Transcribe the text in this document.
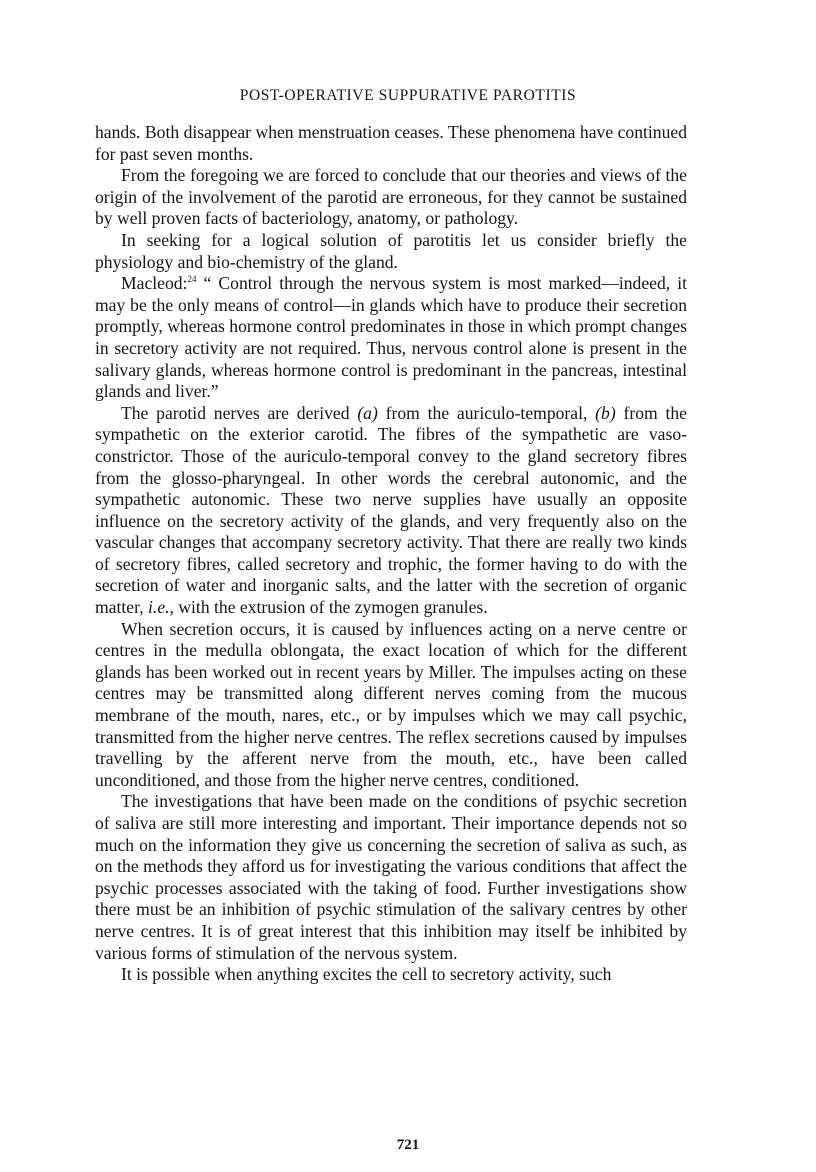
POST-OPERATIVE SUPPURATIVE PAROTITIS

hands. Both disappear when menstruation ceases. These phenomena have continued for past seven months.

From the foregoing we are forced to conclude that our theories and views of the origin of the involvement of the parotid are erroneous, for they cannot be sustained by well proven facts of bacteriology, anatomy, or pathology.

In seeking for a logical solution of parotitis let us consider briefly the physiology and bio-chemistry of the gland.

Macleod:$^{24}$ “ Control through the nervous system is most marked—indeed, it may be the only means of control—in glands which have to produce their secretion promptly, whereas hormone control predominates in those in which prompt changes in secretory activity are not required. Thus, nervous control alone is present in the salivary glands, whereas hormone control is predominant in the pancreas, intestinal glands and liver.”

The parotid nerves are derived (a) from the auriculo-temporal, (b) from the sympathetic on the exterior carotid. The fibres of the sympathetic are vaso-constrictor. Those of the auriculo-temporal convey to the gland secretory fibres from the glosso-pharyngeal. In other words the cerebral autonomic, and the sympathetic autonomic. These two nerve supplies have usually an opposite influence on the secretory activity of the glands, and very frequently also on the vascular changes that accompany secretory activity. That there are really two kinds of secretory fibres, called secretory and trophic, the former having to do with the secretion of water and inorganic salts, and the latter with the secretion of organic matter, i.e., with the extrusion of the zymogen granules.

When secretion occurs, it is caused by influences acting on a nerve centre or centres in the medulla oblongata, the exact location of which for the different glands has been worked out in recent years by Miller. The impulses acting on these centres may be transmitted along different nerves coming from the mucous membrane of the mouth, nares, etc., or by impulses which we may call psychic, transmitted from the higher nerve centres. The reflex secretions caused by impulses travelling by the afferent nerve from the mouth, etc., have been called unconditioned, and those from the higher nerve centres, conditioned.

The investigations that have been made on the conditions of psychic secretion of saliva are still more interesting and important. Their importance depends not so much on the information they give us concerning the secretion of saliva as such, as on the methods they afford us for investigating the various conditions that affect the psychic processes associated with the taking of food. Further investigations show there must be an inhibition of psychic stimulation of the salivary centres by other nerve centres. It is of great interest that this inhibition may itself be inhibited by various forms of stimulation of the nervous system.

It is possible when anything excites the cell to secretory activity, such

721
